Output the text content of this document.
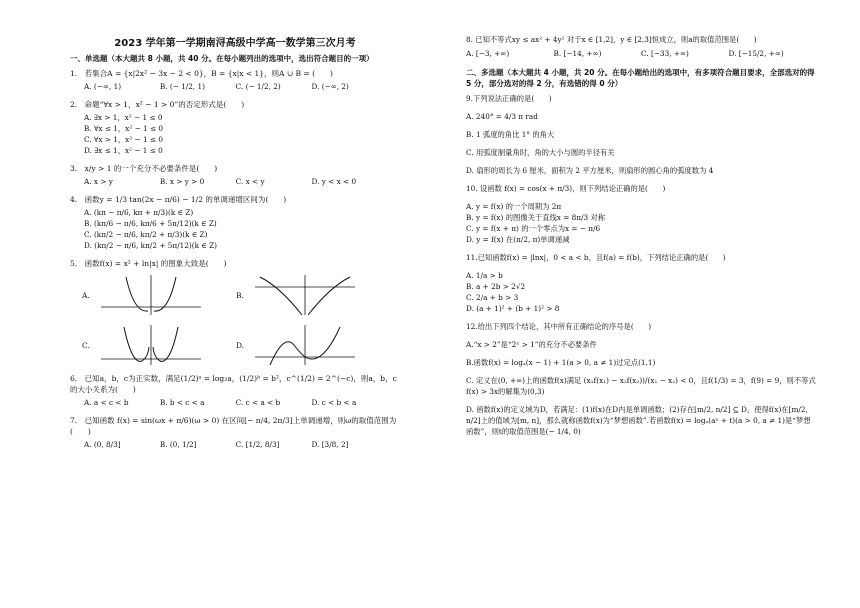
2023 学年第一学期南浔高级中学高一数学第三次月考

一、单选题（本大题共 8 小题，共 40 分。在每小题列出的选项中，选出符合题目的一项）

1.　若集合A = {x|2x² − 3x − 2 < 0}，B = {x|x < 1}，则A ∪ B = (　　)

A. (−∞, 1)	B. (− 1/2, 1)	C. (− 1/2, 2)	D. (−∞, 2)

2.　命题“∀x > 1，x² − 1 > 0”的否定形式是(　　)

A. ∃x > 1，x² − 1 ≤ 0
B. ∀x ≤ 1，x² − 1 ≤ 0
C. ∀x > 1，x² − 1 ≤ 0
D. ∃x ≤ 1，x² − 1 ≤ 0

3.　x/y > 1 的一个充分不必要条件是(　　)

A. x > y	B. x > y > 0	C. x < y	D. y < x < 0

4.　函数y = 1/3 tan(2x − π/6) − 1/2 的单调递增区间为(　　)

A. (kπ − π/6, kπ + π/3)(k ∈ Z)
B. (kπ/6 − π/6, kπ/6 + 5π/12)(k ∈ Z)
C. (kπ/2 − π/6, kπ/2 + π/3)(k ∈ Z)
D. (kπ/2 − π/6, kπ/2 + 5π/12)(k ∈ Z)

5.　函数f(x) = x² + ln|x| 的图象大致是(　　)

A.	B.
C.	D.

6.　已知a，b，c为正实数，满足(1/2)ᵃ = log₂a，(1/2)ᵇ = b²，c^(1/2) = 2^(−c)，则a，b，c的大小关系为(　　)

A. a < c < b	B. b < c < a	C. c < a < b	D. c < b < a

7.　已知函数 f(x) = sin(ωx + π/6)(ω > 0) 在区间[− π/4, 2π/3]上单调递增，则ω的取值范围为(　　)

A. (0, 8/3]	B. (0, 1/2]	C. [1/2, 8/3]	D. [3/8, 2]

8. 已知不等式xy ≤ ax² + 4y² 对于x ∈ [1,2]，y ∈ [2,3]恒成立，则a的取值范围是(　　)

A. [−3, +∞)	B. [−14, +∞)	C. [−33, +∞)	D. [−15/2, +∞)

二、多选题（本大题共 4 小题，共 20 分。在每小题给出的选项中，有多项符合题目要求，全部选对的得 5 分，部分选对的得 2 分，有选错的得 0 分）

9.下列说法正确的是(　　)

A. 240° = 4/3 π rad

B. 1 弧度的角比 1° 的角大

C. 用弧度制量角时，角的大小与圆的半径有关

D. 扇形的周长为 6 厘米，面积为 2 平方厘米，则扇形的圆心角的弧度数为 4

10. 设函数 f(x) = cos(x + π/3)，则下列结论正确的是(　　)

A. y = f(x) 的一个周期为 2π
B. y = f(x) 的图像关于直线x = 8π/3 对称
C. y = f(x + π) 的一个零点为x = − π/6
D. y = f(x) 在(π/2, π)单调递减

11.已知函数f(x) = |lnx|，0 < a < b，且f(a) = f(b)，下列结论正确的是(　　)

A. 1/a > b
B. a + 2b > 2√2
C. 2/a + b > 3
D. (a + 1)² + (b + 1)² > 8

12.给出下列四个结论，其中所有正确结论的序号是(　　)

A.“x > 2”是“2ˣ > 1”的充分不必要条件

B.函数f(x) = logₐ(x − 1) + 1(a > 0, a ≠ 1)过定点(1,1)

C. 定义在(0, +∞)上的函数f(x)满足 (x₁f(x₁) − x₂f(x₂))/(x₁ − x₂) < 0，且f(1/3) = 3，f(9) = 9，则不等式f(x) > 3x的解集为(0,3)

D. 函数f(x)的定义域为D，若满足：(1)f(x)在D内是单调函数；(2)存在[m/2, n/2] ⊆ D，使得f(x)在[m/2, n/2]上的值域为[m, n]，那么就称函数f(x)为“梦想函数”.若函数f(x) = logₐ(aˣ + t)(a > 0, a ≠ 1)是“梦想函数”，则t的取值范围是(− 1/4, 0)
